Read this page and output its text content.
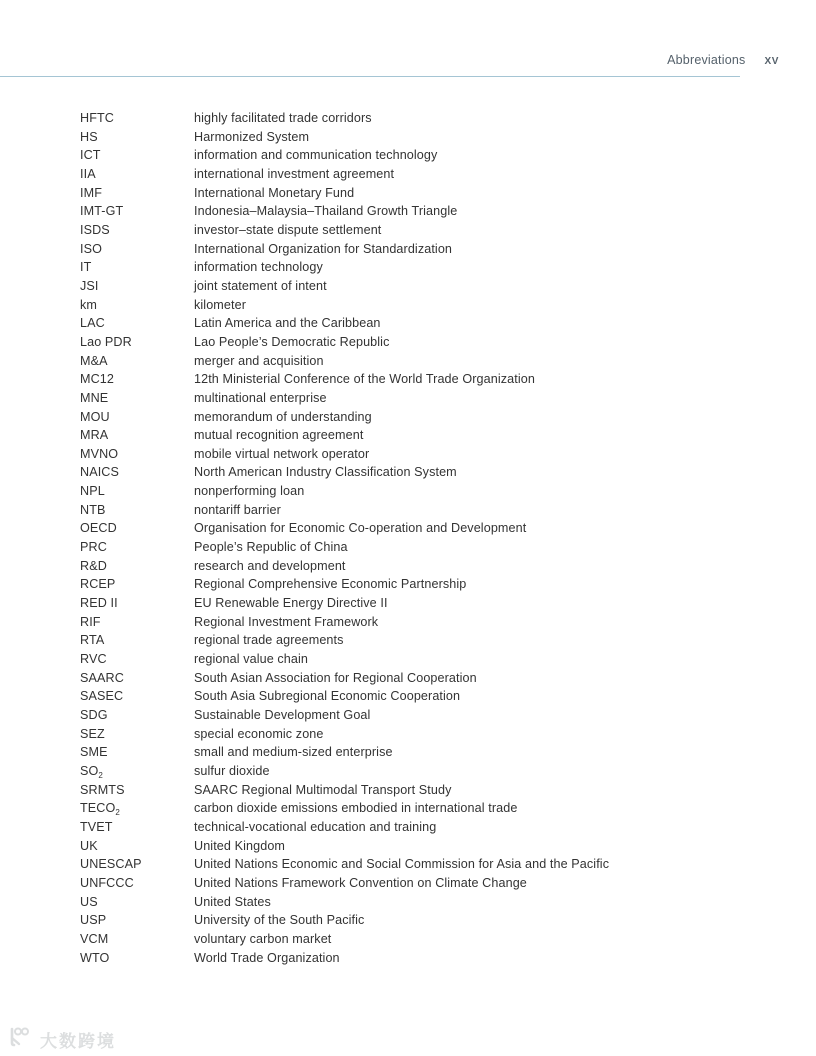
Abbreviations XV
HFTC	highly facilitated trade corridors
HS	Harmonized System
ICT	information and communication technology
IIA	international investment agreement
IMF	International Monetary Fund
IMT-GT	Indonesia–Malaysia–Thailand Growth Triangle
ISDS	investor–state dispute settlement
ISO	International Organization for Standardization
IT	information technology
JSI	joint statement of intent
km	kilometer
LAC	Latin America and the Caribbean
Lao PDR	Lao People’s Democratic Republic
M&A	merger and acquisition
MC12	12th Ministerial Conference of the World Trade Organization
MNE	multinational enterprise
MOU	memorandum of understanding
MRA	mutual recognition agreement
MVNO	mobile virtual network operator
NAICS	North American Industry Classification System
NPL	nonperforming loan
NTB	nontariff barrier
OECD	Organisation for Economic Co-operation and Development
PRC	People’s Republic of China
R&D	research and development
RCEP	Regional Comprehensive Economic Partnership
RED II	EU Renewable Energy Directive II
RIF	Regional Investment Framework
RTA	regional trade agreements
RVC	regional value chain
SAARC	South Asian Association for Regional Cooperation
SASEC	South Asia Subregional Economic Cooperation
SDG	Sustainable Development Goal
SEZ	special economic zone
SME	small and medium-sized enterprise
$SO_2$	sulfur dioxide
SRMTS	SAARC Regional Multimodal Transport Study
$TECO_2$	carbon dioxide emissions embodied in international trade
TVET	technical-vocational education and training
UK	United Kingdom
UNESCAP	United Nations Economic and Social Commission for Asia and the Pacific
UNFCCC	United Nations Framework Convention on Climate Change
US	United States
USP	University of the South Pacific
VCM	voluntary carbon market
WTO	World Trade Organization
大数跨境
